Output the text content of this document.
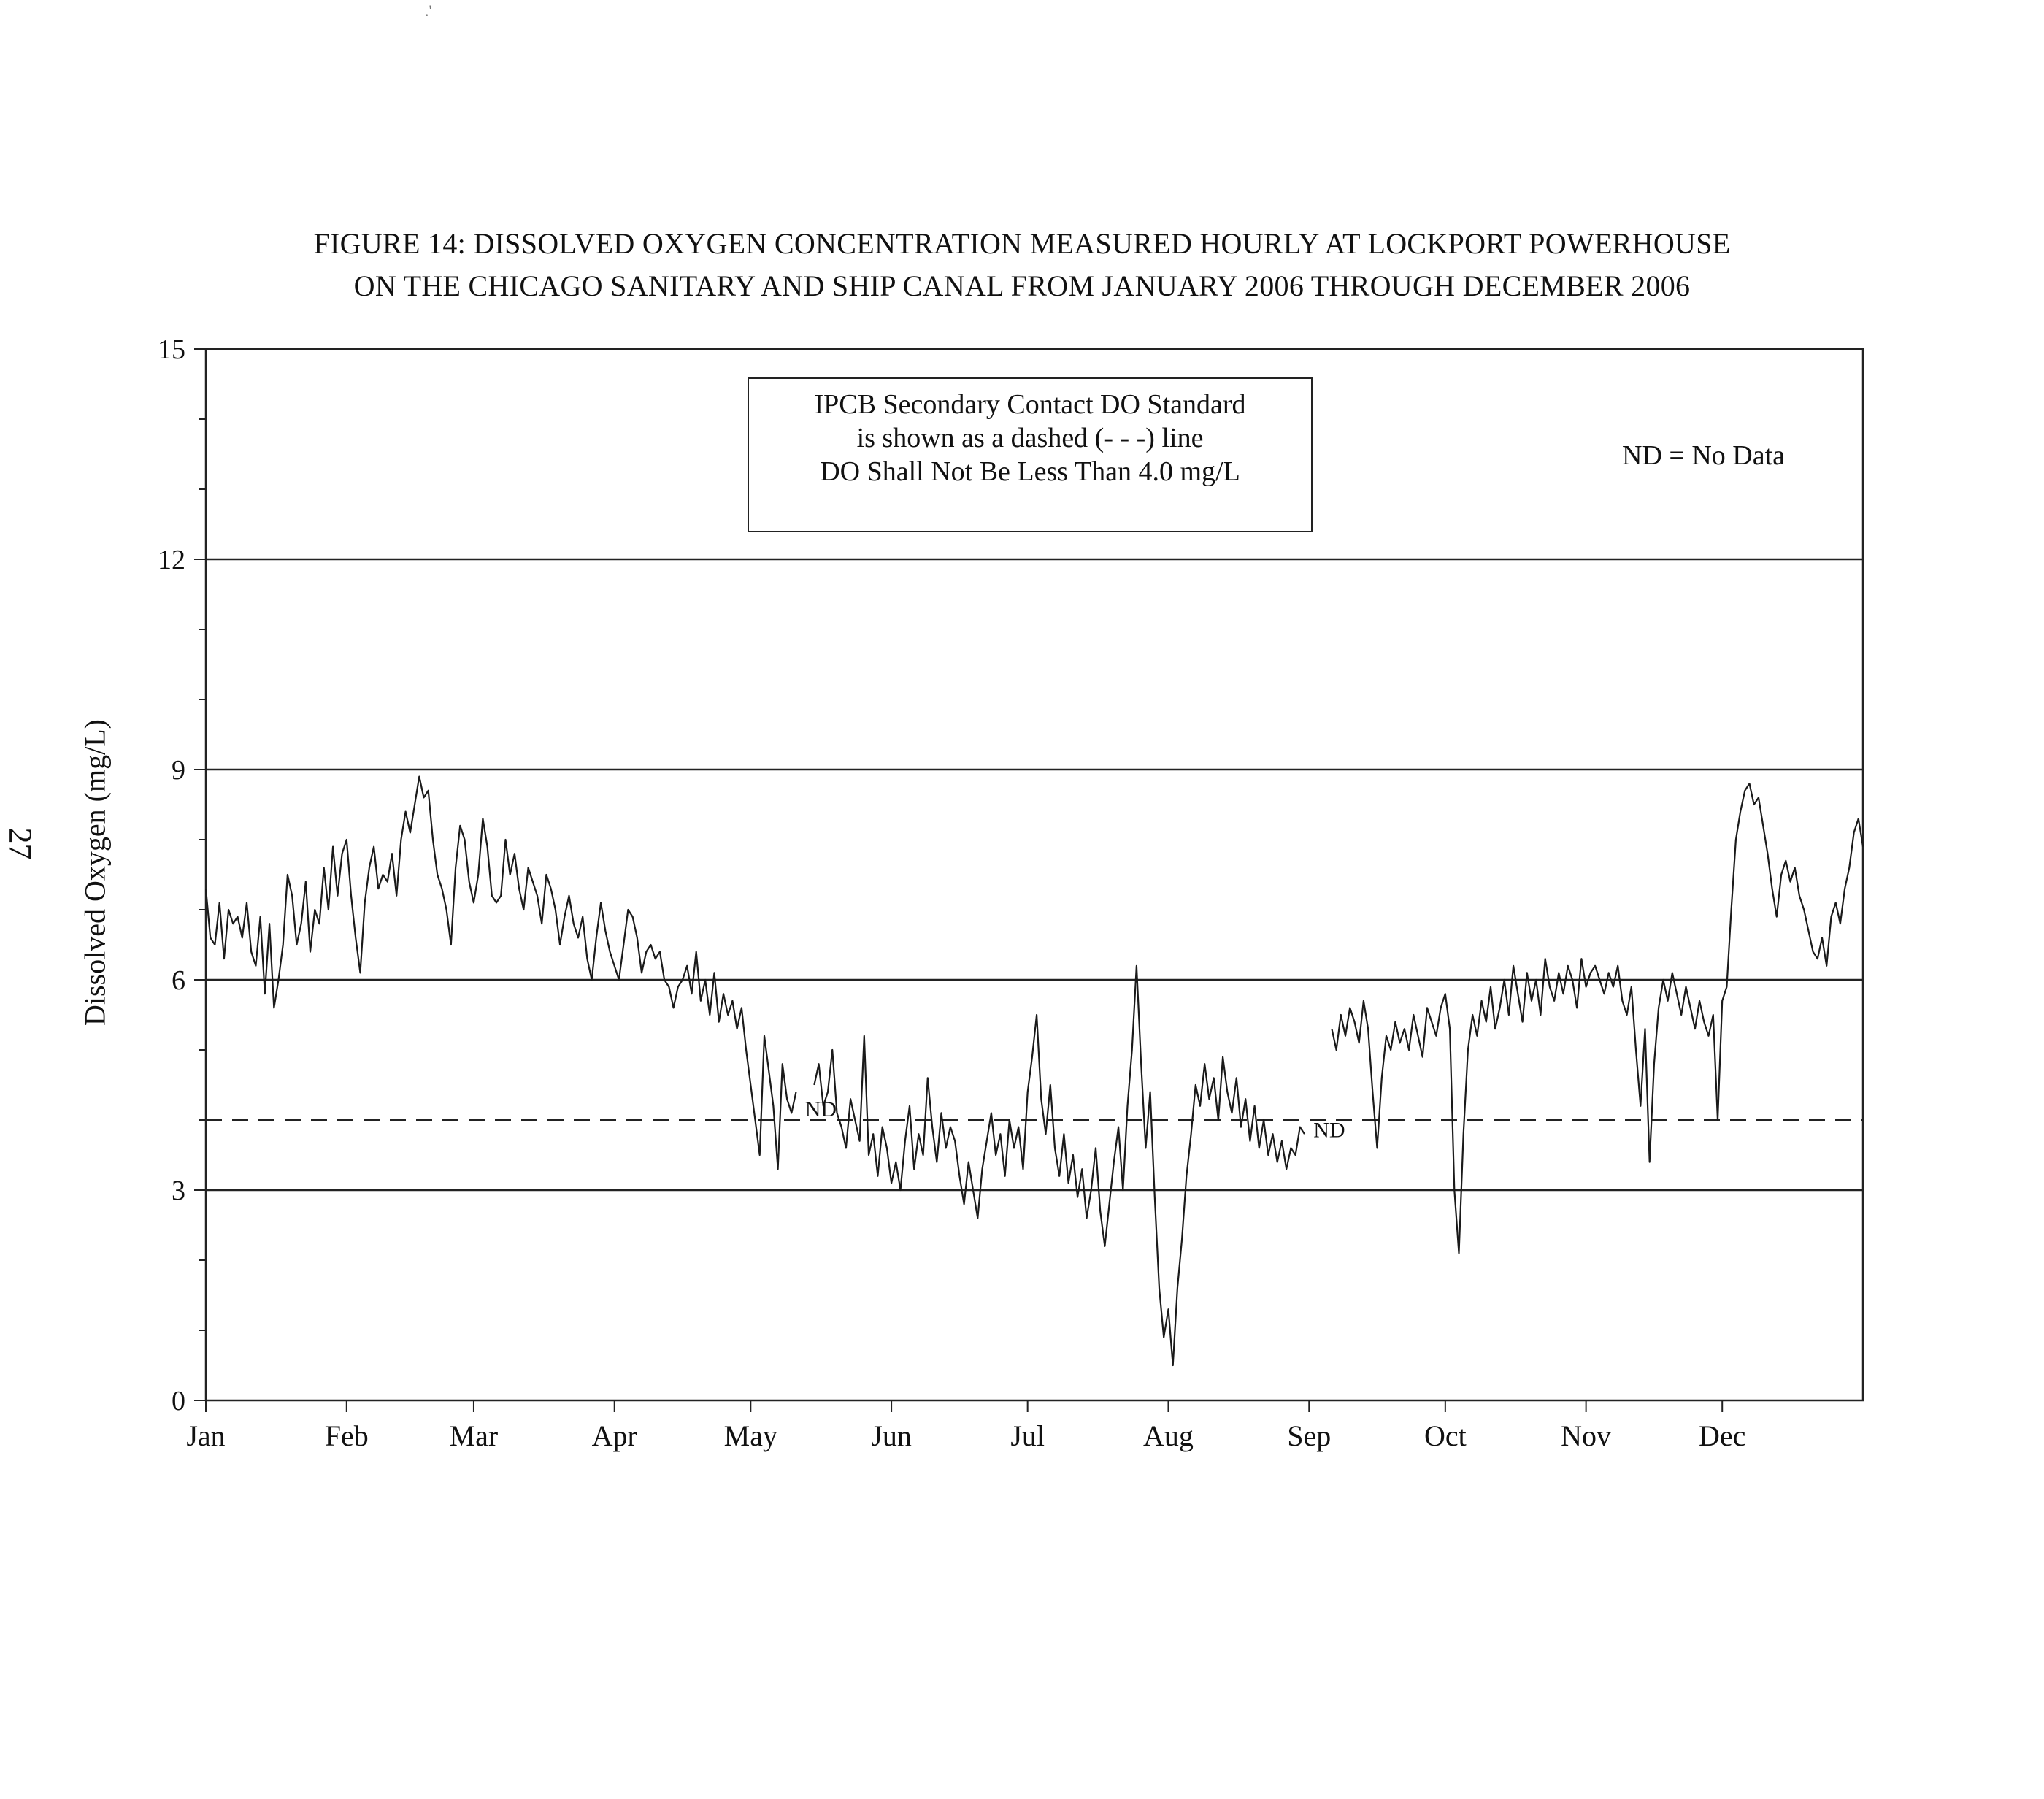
.'
FIGURE 14: DISSOLVED OXYGEN CONCENTRATION MEASURED HOURLY AT LOCKPORT POWERHOUSE
ON THE CHICAGO SANITARY AND SHIP CANAL FROM JANUARY 2006 THROUGH DECEMBER 2006
27 Dissolved Oxygen (mg/L)
0
3
6
9
12
15
Jan	Feb	Mar	Apr	May	Jun	Jul	Aug	Sep	Oct	Nov	Dec
ND
ND
IPCB Secondary Contact DO Standard
is shown as a dashed (- - -) line
DO Shall Not Be Less Than 4.0 mg/L
ND = No Data
